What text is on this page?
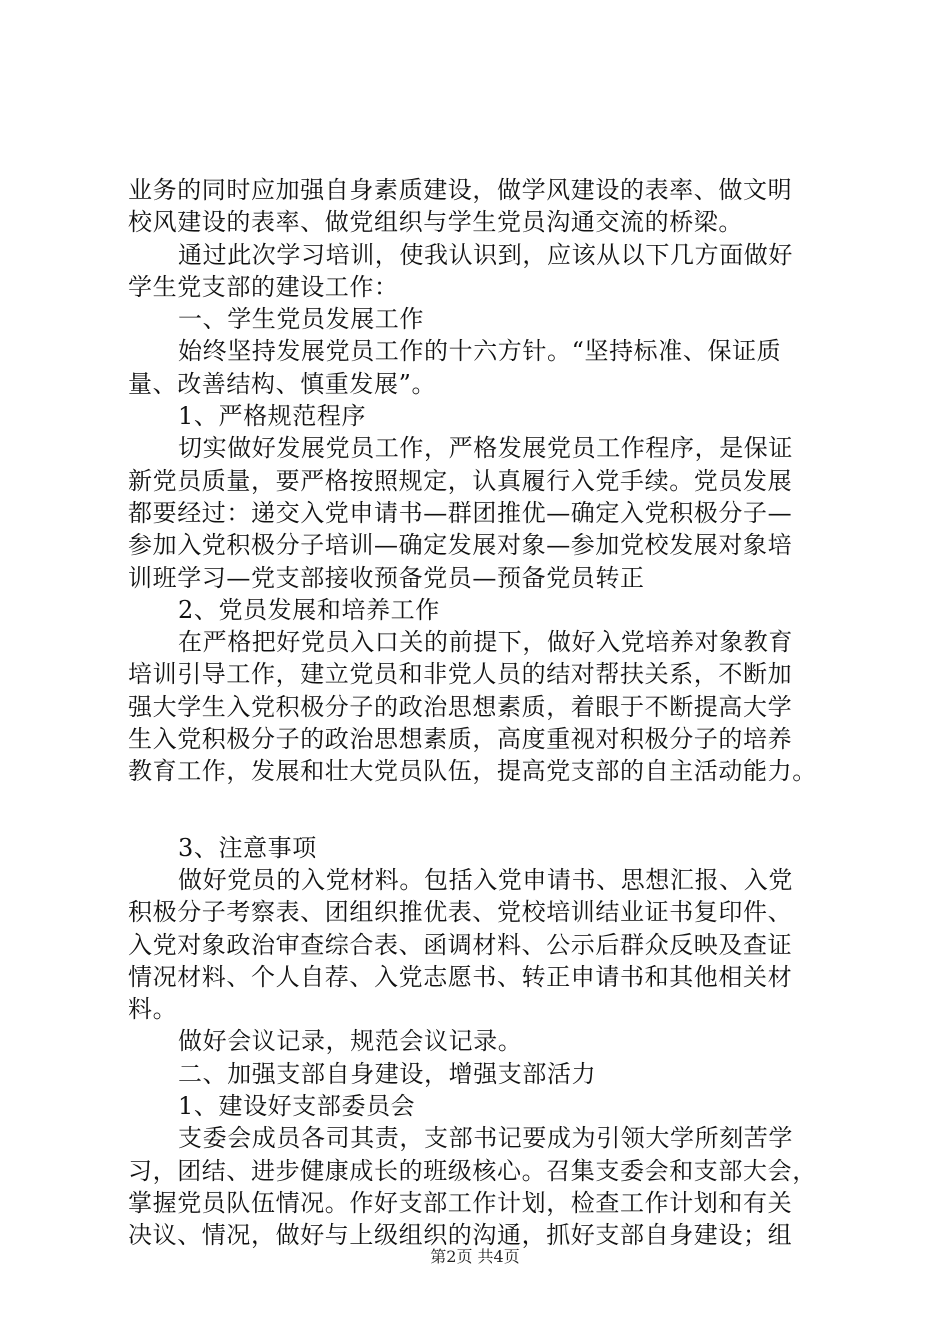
业务的同时应加强自身素质建设，做学风建设的表率、做文明
校风建设的表率、做党组织与学生党员沟通交流的桥梁。
通过此次学习培训，使我认识到，应该从以下几方面做好
学生党支部的建设工作：
一、学生党员发展工作
始终坚持发展党员工作的十六方针。“坚持标准、保证质
量、改善结构、慎重发展”。
1、严格规范程序
切实做好发展党员工作，严格发展党员工作程序，是保证
新党员质量，要严格按照规定，认真履行入党手续。党员发展
都要经过：递交入党申请书—群团推优—确定入党积极分子—
参加入党积极分子培训—确定发展对象—参加党校发展对象培
训班学习—党支部接收预备党员—预备党员转正
2、党员发展和培养工作
在严格把好党员入口关的前提下，做好入党培养对象教育
培训引导工作，建立党员和非党人员的结对帮扶关系，不断加
强大学生入党积极分子的政治思想素质，着眼于不断提高大学
生入党积极分子的政治思想素质，高度重视对积极分子的培养
教育工作，发展和壮大党员队伍，提高党支部的自主活动能力。
3、注意事项
做好党员的入党材料。包括入党申请书、思想汇报、入党
积极分子考察表、团组织推优表、党校培训结业证书复印件、
入党对象政治审查综合表、函调材料、公示后群众反映及查证
情况材料、个人自荐、入党志愿书、转正申请书和其他相关材
料。
做好会议记录，规范会议记录。
二、加强支部自身建设，增强支部活力
1、建设好支部委员会
支委会成员各司其责，支部书记要成为引领大学所刻苦学
习，团结、进步健康成长的班级核心。召集支委会和支部大会，
掌握党员队伍情况。作好支部工作计划，检查工作计划和有关
决议、情况，做好与上级组织的沟通，抓好支部自身建设；组
第2页 共4页
